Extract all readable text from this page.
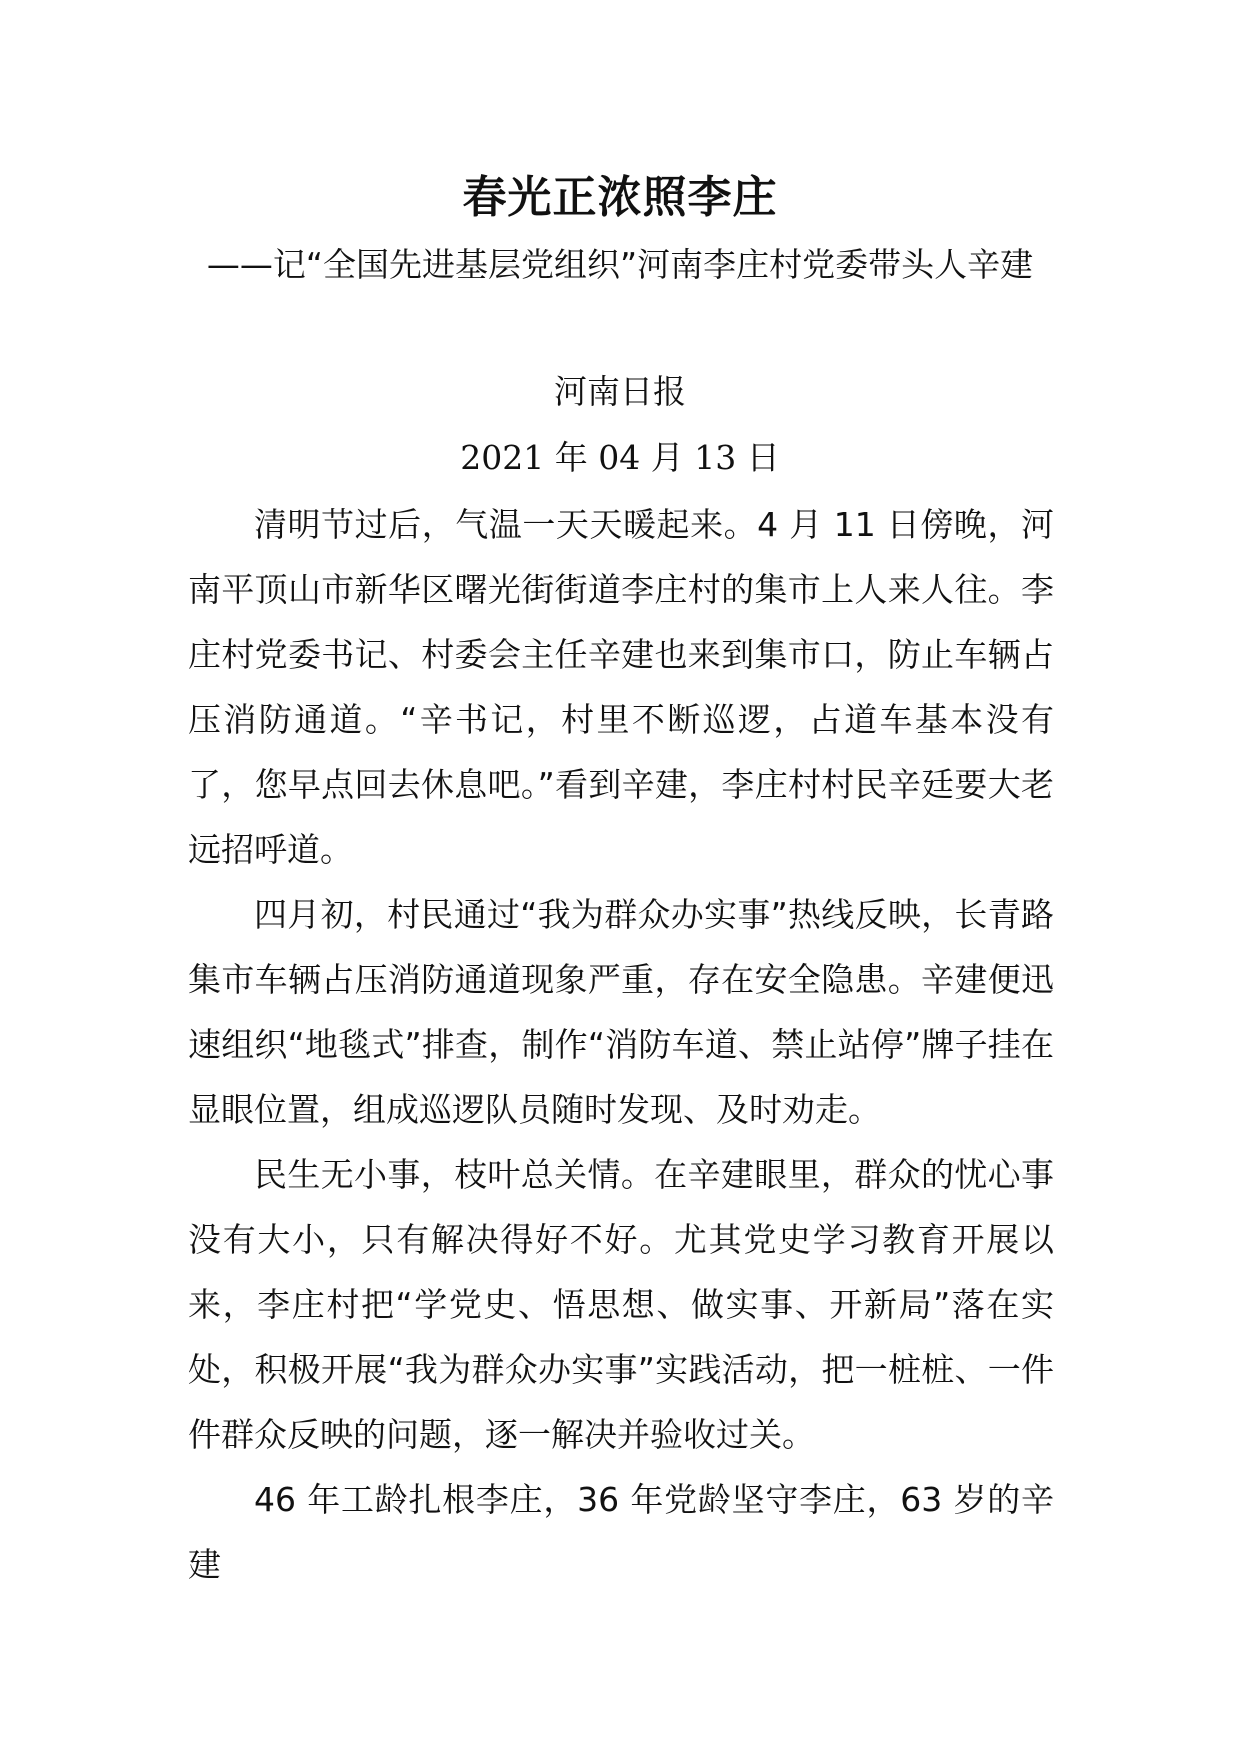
春光正浓照李庄
——记“全国先进基层党组织”河南李庄村党委带头人辛建
河南日报
2021 年 04 月 13 日

清明节过后，气温一天天暖起来。4 月 11 日傍晚，河南平顶山市新华区曙光街街道李庄村的集市上人来人往。李庄村党委书记、村委会主任辛建也来到集市口，防止车辆占压消防通道。“辛书记，村里不断巡逻，占道车基本没有了，您早点回去休息吧。”看到辛建，李庄村村民辛廷要大老远招呼道。

四月初，村民通过“我为群众办实事”热线反映，长青路集市车辆占压消防通道现象严重，存在安全隐患。辛建便迅速组织“地毯式”排查，制作“消防车道、禁止站停”牌子挂在显眼位置，组成巡逻队员随时发现、及时劝走。

民生无小事，枝叶总关情。在辛建眼里，群众的忧心事没有大小，只有解决得好不好。尤其党史学习教育开展以来，李庄村把“学党史、悟思想、做实事、开新局”落在实处，积极开展“我为群众办实事”实践活动，把一桩桩、一件件群众反映的问题，逐一解决并验收过关。

46 年工龄扎根李庄，36 年党龄坚守李庄，63 岁的辛建
